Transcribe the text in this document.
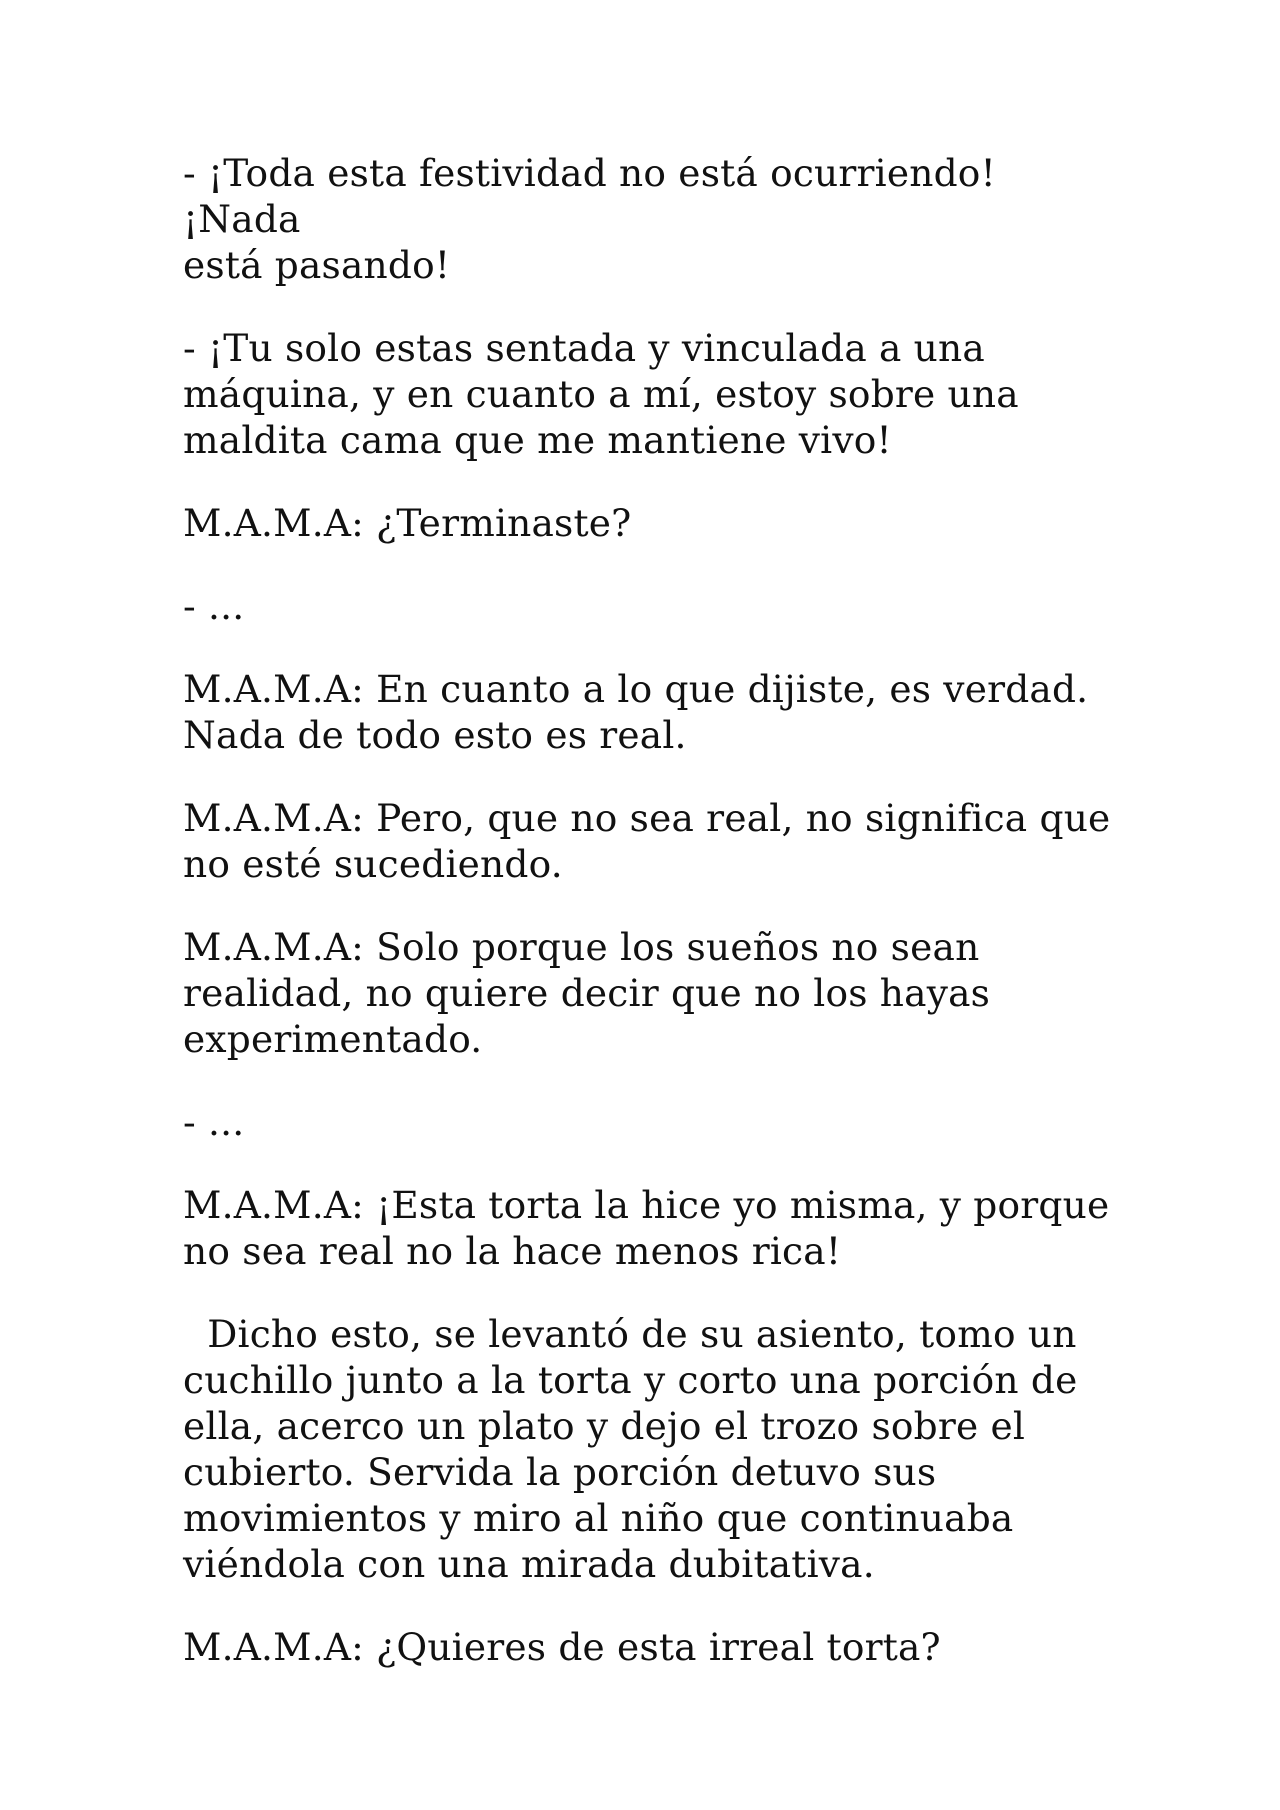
- ¡Toda esta festividad no está ocurriendo! ¡Nada
está pasando!

- ¡Tu solo estas sentada y vinculada a una
máquina, y en cuanto a mí, estoy sobre una
maldita cama que me mantiene vivo!

M.A.M.A: ¿Terminaste?

- ...

M.A.M.A: En cuanto a lo que dijiste, es verdad.
Nada de todo esto es real.

M.A.M.A: Pero, que no sea real, no significa que
no esté sucediendo.

M.A.M.A: Solo porque los sueños no sean
realidad, no quiere decir que no los hayas
experimentado.

- ...

M.A.M.A: ¡Esta torta la hice yo misma, y porque
no sea real no la hace menos rica!

Dicho esto, se levantó de su asiento, tomo un
cuchillo junto a la torta y corto una porción de
ella, acerco un plato y dejo el trozo sobre el
cubierto. Servida la porción detuvo sus
movimientos y miro al niño que continuaba
viéndola con una mirada dubitativa.

M.A.M.A: ¿Quieres de esta irreal torta?
